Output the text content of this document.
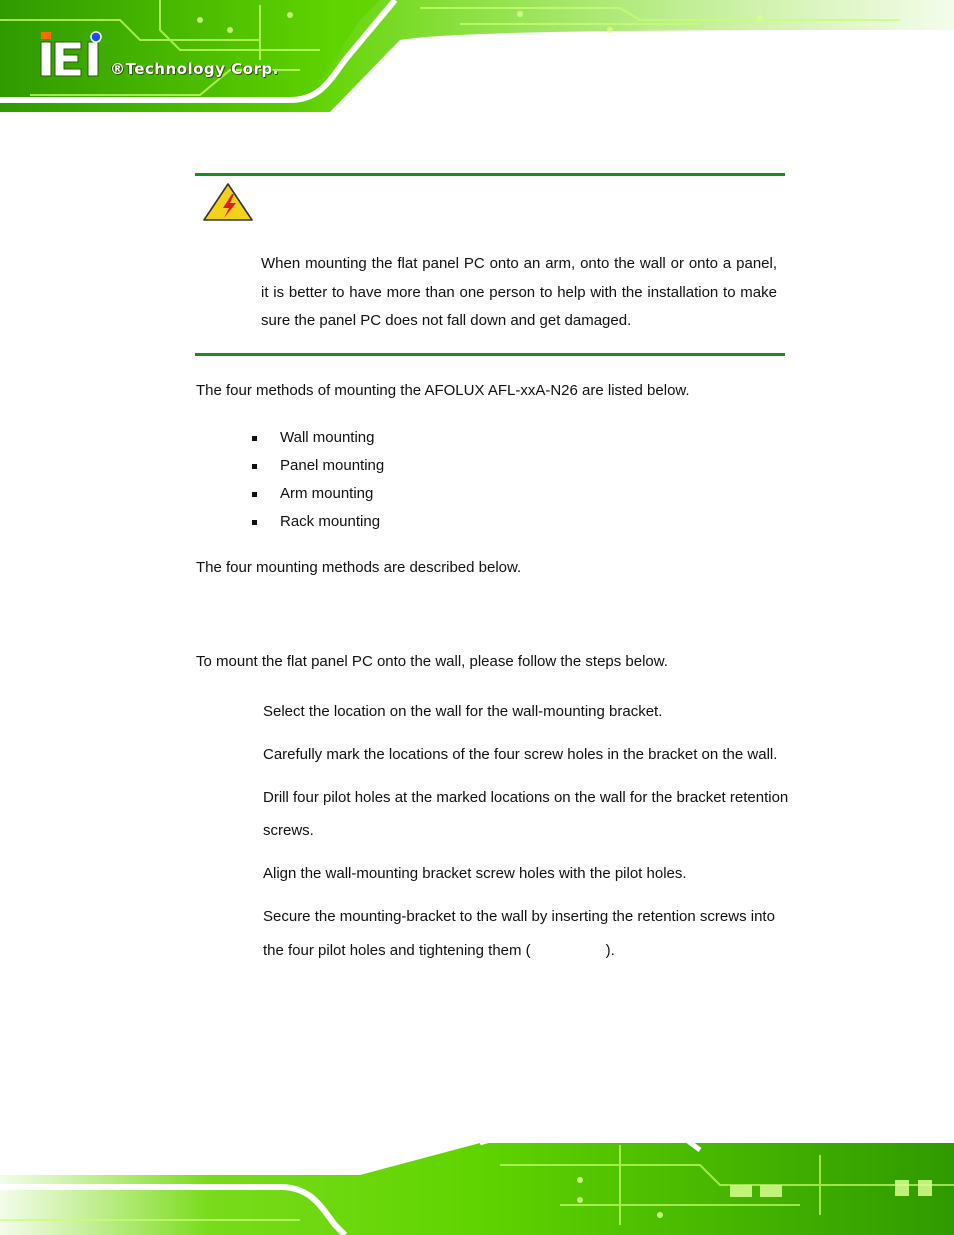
®Technology Corp.

When mounting the flat panel PC onto an arm, onto the wall or onto a panel, it is better to have more than one person to help with the installation to make sure the panel PC does not fall down and get damaged.

The four methods of mounting the AFOLUX AFL-xxA-N26 are listed below.

Wall mounting
Panel mounting
Arm mounting
Rack mounting

The four mounting methods are described below.

To mount the flat panel PC onto the wall, please follow the steps below.

Select the location on the wall for the wall-mounting bracket.

Carefully mark the locations of the four screw holes in the bracket on the wall.

Drill four pilot holes at the marked locations on the wall for the bracket retention

screws.

Align the wall-mounting bracket screw holes with the pilot holes.

Secure the mounting-bracket to the wall by inserting the retention screws into

the four pilot holes and tightening them (                  ).
